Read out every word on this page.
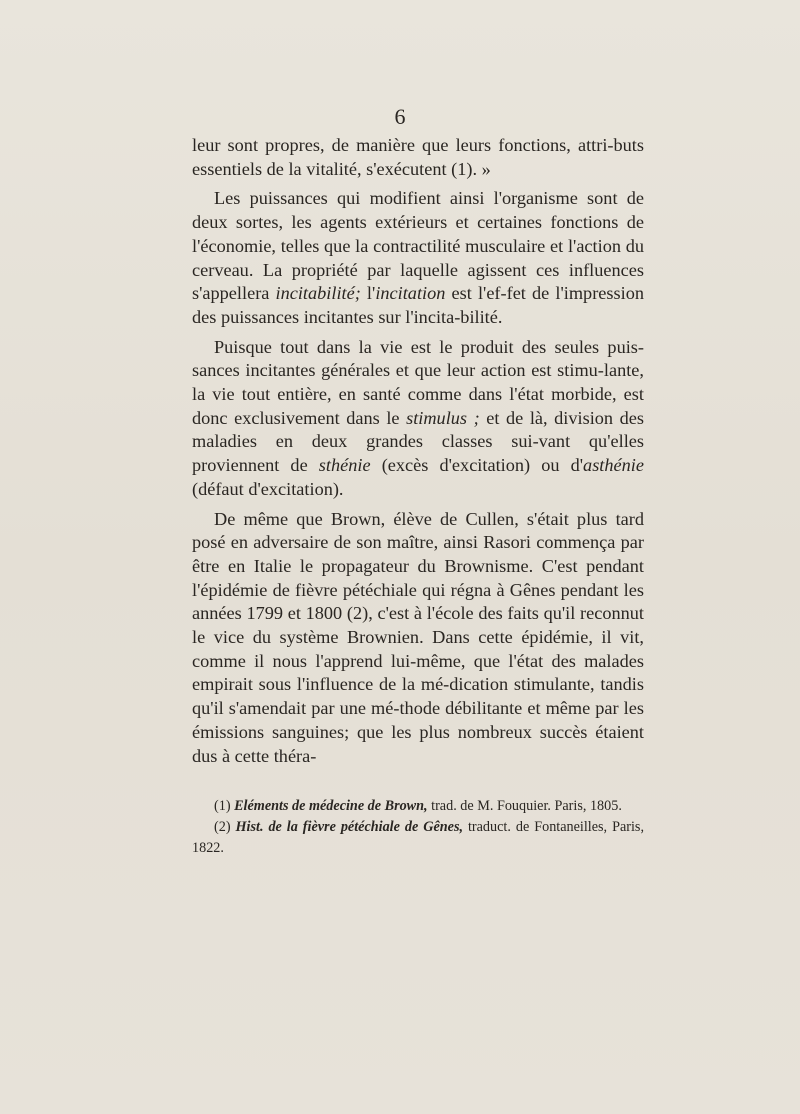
6

leur sont propres, de manière que leurs fonctions, attri-buts essentiels de la vitalité, s'exécutent (1). »

Les puissances qui modifient ainsi l'organisme sont de deux sortes, les agents extérieurs et certaines fonctions de l'économie, telles que la contractilité musculaire et l'action du cerveau. La propriété par laquelle agissent ces influences s'appellera incitabilité; l'incitation est l'ef-fet de l'impression des puissances incitantes sur l'incita-bilité.

Puisque tout dans la vie est le produit des seules puis-sances incitantes générales et que leur action est stimu-lante, la vie tout entière, en santé comme dans l'état morbide, est donc exclusivement dans le stimulus ; et de là, division des maladies en deux grandes classes sui-vant qu'elles proviennent de sthénie (excès d'excitation) ou d'asthénie (défaut d'excitation).

De même que Brown, élève de Cullen, s'était plus tard posé en adversaire de son maître, ainsi Rasori commença par être en Italie le propagateur du Brownisme. C'est pendant l'épidémie de fièvre pétéchiale qui régna à Gênes pendant les années 1799 et 1800 (2), c'est à l'école des faits qu'il reconnut le vice du système Brownien. Dans cette épidémie, il vit, comme il nous l'apprend lui-même, que l'état des malades empirait sous l'influence de la mé-dication stimulante, tandis qu'il s'amendait par une mé-thode débilitante et même par les émissions sanguines; que les plus nombreux succès étaient dus à cette théra-

(1) Eléments de médecine de Brown, trad. de M. Fouquier. Paris, 1805.

(2) Hist. de la fièvre pétéchiale de Gênes, traduct. de Fontaneilles, Paris, 1822.
